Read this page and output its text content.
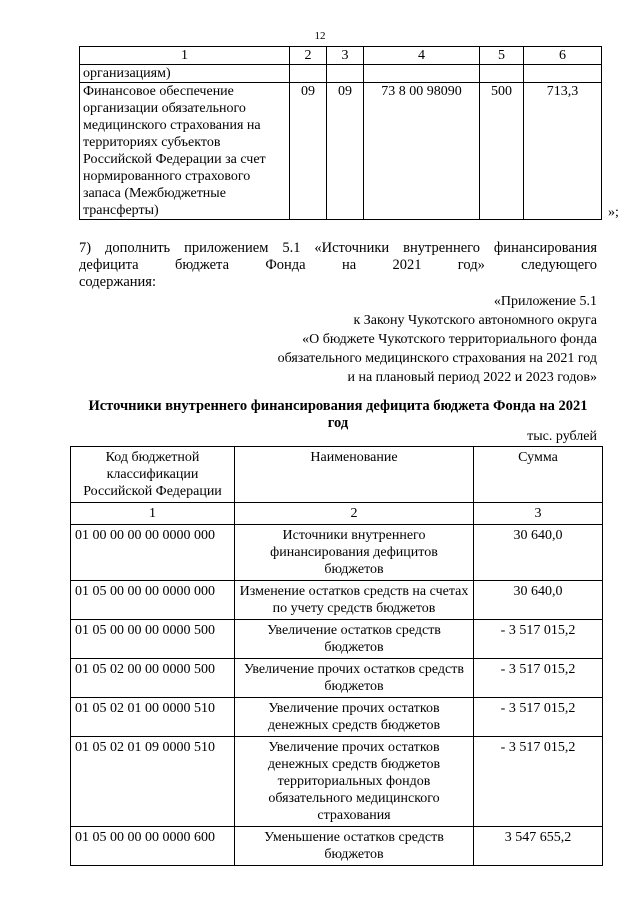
12
1	2	3	4	5	6
организациям)					
Финансовое обеспечение организации обязательного медицинского страхования на территориях субъектов Российской Федерации за счет нормированного страхового запаса (Межбюджетные трансферты)	09	09	73 8 00 98090	500	713,3
»;
7) дополнить приложением 5.1 «Источники внутреннего финансирования дефицита бюджета Фонда на 2021 год» следующего
содержания:
«Приложение 5.1
к Закону Чукотского автономного округа
«О бюджете Чукотского территориального фонда
обязательного медицинского страхования на 2021 год
и на плановый период 2022 и 2023 годов»
Источники внутреннего финансирования дефицита бюджета Фонда на 2021 год
тыс. рублей
Код бюджетной классификации Российской Федерации	Наименование	Сумма
1	2	3
01 00 00 00 00 0000 000	Источники внутреннего финансирования дефицитов бюджетов	30 640,0
01 05 00 00 00 0000 000	Изменение остатков средств на счетах по учету средств бюджетов	30 640,0
01 05 00 00 00 0000 500	Увеличение остатков средств бюджетов	- 3 517 015,2
01 05 02 00 00 0000 500	Увеличение прочих остатков средств бюджетов	- 3 517 015,2
01 05 02 01 00 0000 510	Увеличение прочих остатков денежных средств бюджетов	- 3 517 015,2
01 05 02 01 09 0000 510	Увеличение прочих остатков денежных средств бюджетов территориальных фондов обязательного медицинского страхования	- 3 517 015,2
01 05 00 00 00 0000 600	Уменьшение остатков средств бюджетов	3 547 655,2
